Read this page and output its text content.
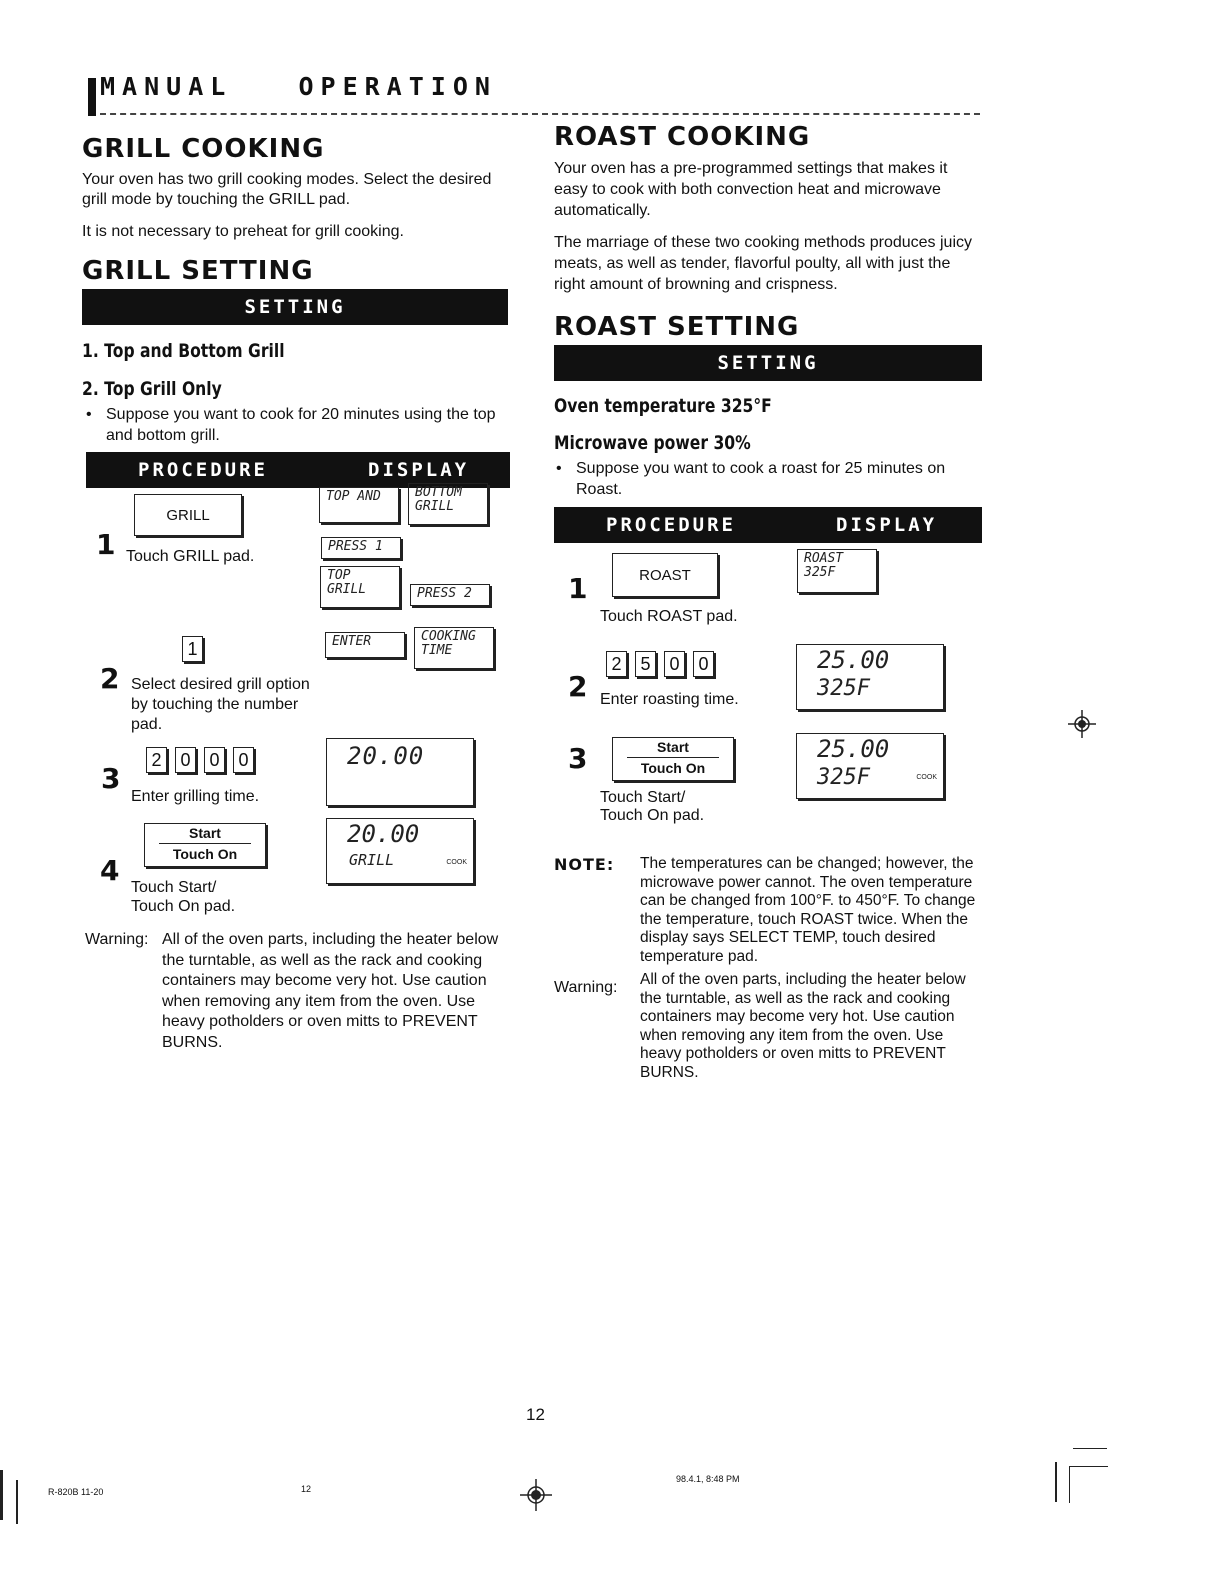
MANUAL	OPERATION
GRILL COOKING
Your oven has two grill cooking modes. Select the desired grill mode by touching the GRILL pad.
It is not necessary to preheat for grill cooking.
GRILL SETTING
SETTING
1. Top and Bottom Grill
2. Top Grill Only
• Suppose you want to cook for 20 minutes using the top and bottom grill.
PROCEDURE	DISPLAY
GRILL
1 Touch GRILL pad.
TOP AND	BOTTOM GRILL
PRESS 1
TOP GRILL	PRESS 2
ENTER	COOKING TIME
1
2 Select desired grill option by touching the number pad.
2 0 0 0
3
Enter grilling time.
20.00
Start
Touch On
4
Touch Start/
Touch On pad.
20.00
GRILL	COOK
Warning: All of the oven parts, including the heater below the turntable, as well as the rack and cooking containers may become very hot. Use caution when removing any item from the oven. Use heavy potholders or oven mitts to PREVENT BURNS.
ROAST COOKING
Your oven has a pre-programmed settings that makes it easy to cook with both convection heat and microwave automatically.
The marriage of these two cooking methods produces juicy meats, as well as tender, flavorful poulty, all with just the right amount of browning and crispness.
ROAST SETTING
SETTING
Oven temperature 325°F
Microwave power 30%
• Suppose you want to cook a roast for 25 minutes on Roast.
PROCEDURE	DISPLAY
ROAST
1
Touch ROAST pad.
ROAST 325F
2 5 0 0
2 Enter roasting time.
25.00
325F
Start
Touch On
3
Touch Start/
Touch On pad.
25.00
325F	COOK
NOTE: The temperatures can be changed; however, the microwave power cannot. The oven temperature can be changed from 100°F. to 450°F. To change the temperature, touch ROAST twice. When the display says SELECT TEMP, touch desired temperature pad.
Warning: All of the oven parts, including the heater below the turntable, as well as the rack and cooking containers may become very hot. Use caution when removing any item from the oven. Use heavy potholders or oven mitts to PREVENT BURNS.
12
R-820B 11-20	12
98.4.1, 8:48 PM
